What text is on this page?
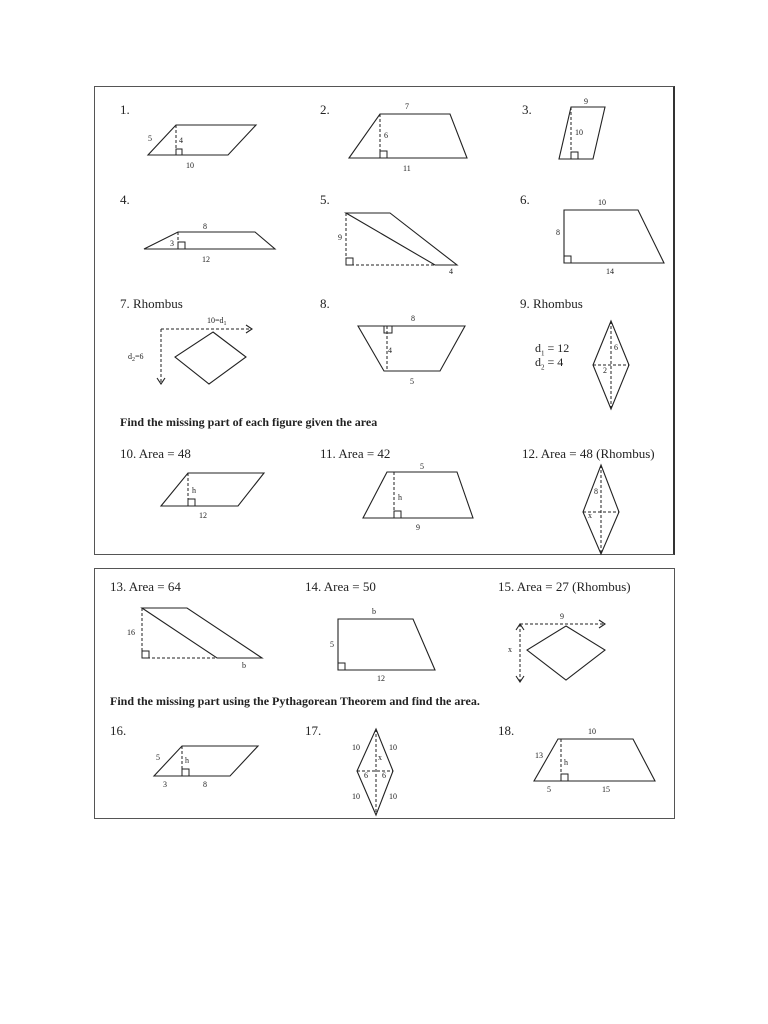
1.
5	4
10
2.	7
6
11
3.
9
10
4.
8
3
12
5.
9
4
6.	10
8
14
7. Rhombus
$10=d_1$
$d_2=6$
8.
8
4
5
9. Rhombus
$d_1 = 12$
$d_2 = 4$
6
2
Find the missing part of each figure given the area
10. Area = 48
h
12
11. Area = 42
5
h
9
12. Area = 48 (Rhombus)
8
x
13. Area = 64
16
b
14. Area = 50
b
5
12
15. Area = 27 (Rhombus)
9
x
Find the missing part using the Pythagorean Theorem and find the area.
16.
5	h
3	8
17.
10	10
10	10
x
6 6
18.	10
13
h
5	15
